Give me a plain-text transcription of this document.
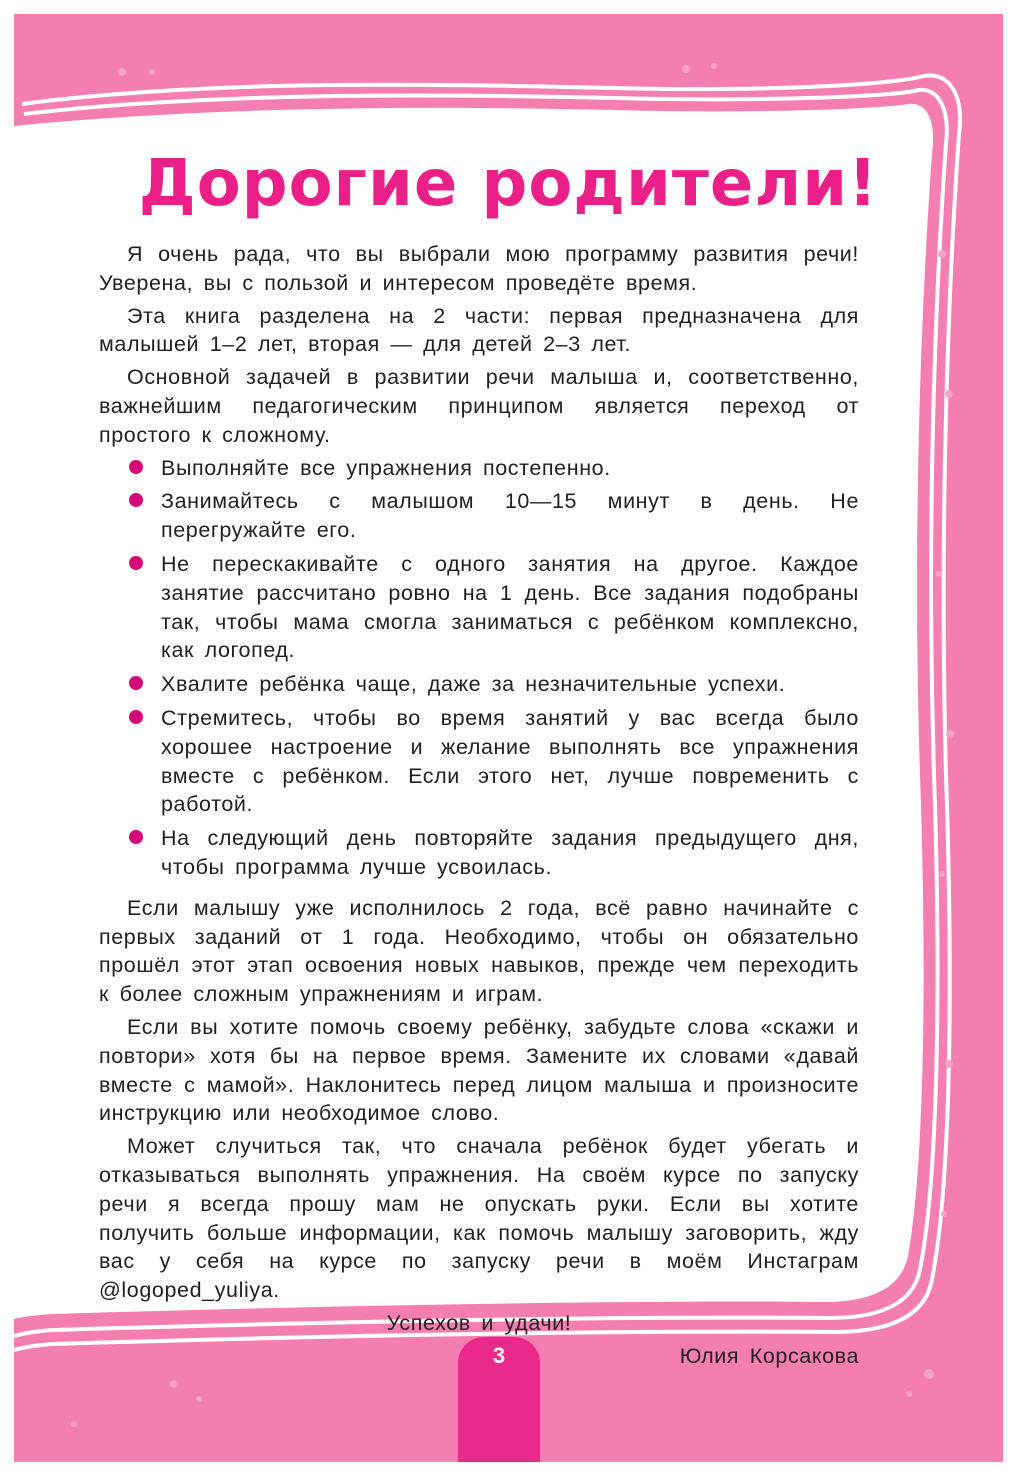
Дорогие родители!

Я очень рада, что вы выбрали мою программу развития речи! Уверена, вы с пользой и интересом проведёте время.

Эта книга разделена на 2 части: первая предназначена для малышей 1–2 лет, вторая — для детей 2–3 лет.

Основной задачей в развитии речи малыша и, соответственно, важнейшим педагогическим принципом является переход от простого к сложному.

Выполняйте все упражнения постепенно.
Занимайтесь с малышом 10—15 минут в день. Не перегружайте его.
Не перескакивайте с одного занятия на другое. Каждое занятие рассчитано ровно на 1 день. Все задания подобраны так, чтобы мама смогла заниматься с ребёнком комплексно, как логопед.
Хвалите ребёнка чаще, даже за незначительные успехи.
Стремитесь, чтобы во время занятий у вас всегда было хорошее настроение и желание выполнять все упражнения вместе с ребёнком. Если этого нет, лучше повременить с работой.
На следующий день повторяйте задания предыдущего дня, чтобы программа лучше усвоилась.

Если малышу уже исполнилось 2 года, всё равно начинайте с первых заданий от 1 года. Необходимо, чтобы он обязательно прошёл этот этап освоения новых навыков, прежде чем переходить к более сложным упражнениям и играм.

Если вы хотите помочь своему ребёнку, забудьте слова «скажи и повтори» хотя бы на первое время. Замените их словами «давай вместе с мамой». Наклонитесь перед лицом малыша и произносите инструкцию или необходимое слово.

Может случиться так, что сначала ребёнок будет убегать и отказываться выполнять упражнения. На своём курсе по запуску речи я всегда прошу мам не опускать руки. Если вы хотите получить больше информации, как помочь малышу заговорить, жду вас у себя на курсе по запуску речи в моём Инстаграм @logoped_yuliya.

Успехов и удачи!

Юлия Корсакова

3
